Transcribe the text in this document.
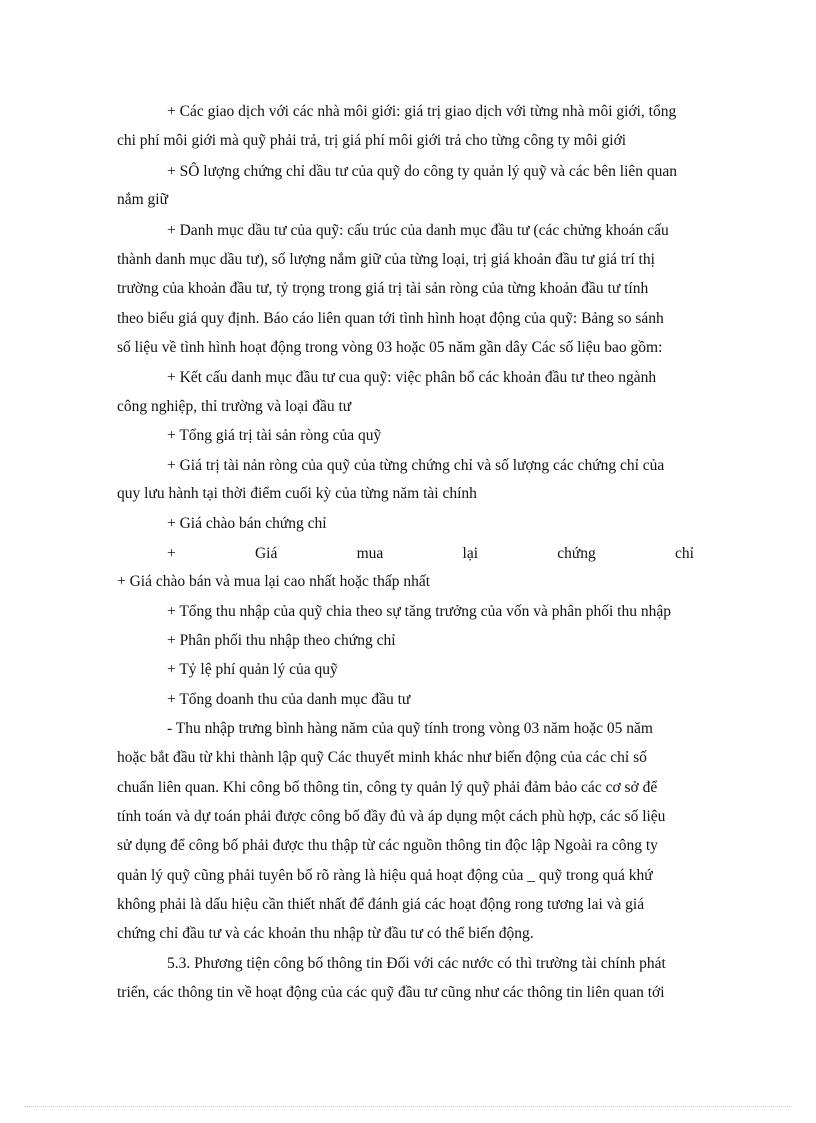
+ Các giao dịch với các nhà môi giới: giá trị giao dịch với từng nhà môi giới, tổng
chi phí môi giới mà quỹ phải trả, trị giá phí môi giới trả cho từng công ty môi giới
+ SÔ lượng chứng chỉ dầu tư của quỹ do công ty quản lý quỹ và các bên liên quan
nắm giữ
+ Danh mục dầu tư của quỹ: cấu trúc của danh mục đầu tư (các chửng khoán cấu
thành danh mục dầu tư), số lượng nắm giữ của từng loại, trị giá khoản đầu tư giá trí thị
trường của khoản đầu tư, tỷ trọng trong giá trị tài sản ròng của từng khoản đầu tư tính
theo biểu giá quy định. Báo cáo liên quan tới tình hình hoạt động của quỹ: Bảng so sánh
số liệu về tình hình hoạt động trong vòng 03 hoặc 05 năm gần dây Các số liệu bao gồm:
+ Kết cấu danh mục đầu tư cua quỹ: việc phân bổ các khoản đầu tư theo ngành
công nghiệp, thỉ trường và loại đầu tư
+ Tổng giá trị tài sản ròng của quỹ
+ Giá trị tài nản ròng của quỹ của từng chứng chỉ và số lượng các chứng chỉ của
quy lưu hành tại thời điểm cuối kỳ của từng năm tài chính
+ Giá chào bán chứng chỉ
+ Giá mua lại chứng chỉ
+ Giá chào bán và mua lại cao nhất hoặc thấp nhất
+ Tổng thu nhập của quỹ chia theo sự tăng trưởng của vốn và phân phối thu nhập
+ Phân phối thu nhập theo chứng chỉ
+ Tỷ lệ phí quản lý của quỹ
+ Tổng doanh thu của danh mục đầu tư
- Thu nhập trưng bình hàng năm của quỹ tính trong vòng 03 năm hoặc 05 năm
hoặc bắt đầu từ khi thành lập quỹ Các thuyết minh khác như biến động của các chỉ số
chuẩn liên quan. Khi công bố thông tin, công ty quản lý quỹ phải đảm bảo các cơ sở để
tính toán và dự toán phải được công bố đầy đủ và áp dụng một cách phù hợp, các số liệu
sử dụng để công bố phải được thu thập từ các nguồn thông tin độc lập Ngoài ra công ty
quản lý quỹ cũng phải tuyên bố rõ ràng là hiệu quả hoạt động của _ quỹ trong quá khứ
không phải là dấu hiệu cần thiết nhất để đánh giá các hoạt động rong tương lai và giá
chứng chỉ đầu tư và các khoản thu nhập từ đầu tư có thể biến động.
5.3. Phương tiện công bố thông tin Đối với các nước có thì trường tài chính phát
triển, các thông tin về hoạt động của các quỹ đầu tư cũng như các thông tin liên quan tới
